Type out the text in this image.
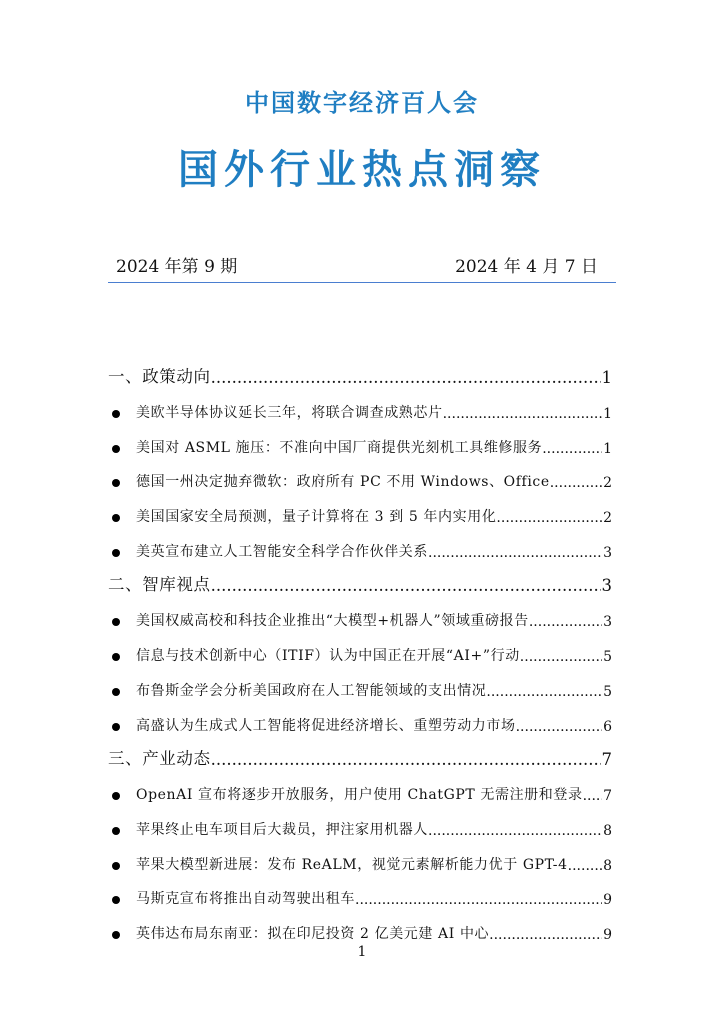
中国数字经济百人会
国外行业热点洞察
2024 年第 9 期	2024 年 4 月 7 日
一、政策动向 .....	1
美欧半导体协议延长三年，将联合调查成熟芯片 .....	1
美国对 ASML 施压：不准向中国厂商提供光刻机工具维修服务 .....	1
德国一州决定抛弃微软：政府所有 PC 不用 Windows、Office .....	2
美国国家安全局预测，量子计算将在 3 到 5 年内实用化 .....	2
美英宣布建立人工智能安全科学合作伙伴关系 .....	3
二、智库视点 .....	3
美国权威高校和科技企业推出“大模型+机器人”领域重磅报告 .....	3
信息与技术创新中心（ITIF）认为中国正在开展“AI+”行动 .....	5
布鲁斯金学会分析美国政府在人工智能领域的支出情况 .....	5
高盛认为生成式人工智能将促进经济增长、重塑劳动力市场 .....	6
三、产业动态 .....	7
OpenAI 宣布将逐步开放服务，用户使用 ChatGPT 无需注册和登录 ..... 7
苹果终止电车项目后大裁员，押注家用机器人 .....	8
苹果大模型新进展：发布 ReALM，视觉元素解析能力优于 GPT-4 .....	8
马斯克宣布将推出自动驾驶出租车 .....	9
英伟达布局东南亚：拟在印尼投资 2 亿美元建 AI 中心 .....	9
1
